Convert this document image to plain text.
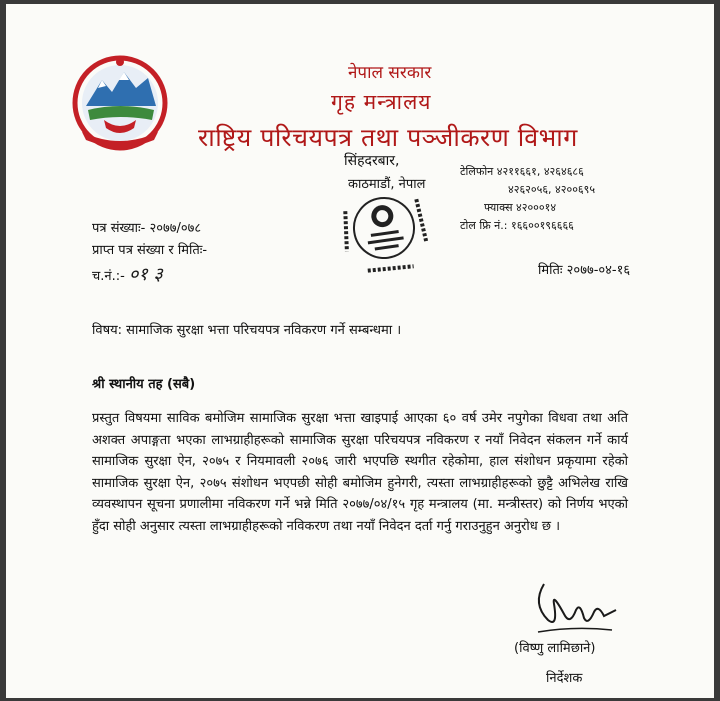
नेपाल सरकार
गृह मन्त्रालय
राष्ट्रिय परिचयपत्र तथा पञ्जीकरण विभाग
सिंहदरबार,
काठमाडौं, नेपाल
टेलिफोन ४२११६६१, ४२६४६८६
४२६२०५६, ४२००६९५
फ्याक्स ४२०००१४
टोल फ्रि नं.: १६६००१९६६६६
पत्र संख्याः- २०७७/०७८
प्राप्त पत्र संख्या र मितिः-
च.नं.:- ०१ ३	मितिः २०७७-०४-१६
विषय: सामाजिक सुरक्षा भत्ता परिचयपत्र नविकरण गर्ने सम्बन्धमा ।
श्री स्थानीय तह (सबै)

प्रस्तुत विषयमा साविक बमोजिम सामाजिक सुरक्षा भत्ता खाइपाई आएका ६० वर्ष उमेर नपुगेका विधवा तथा अति अशक्त अपाङ्गता भएका लाभग्राहीहरूको सामाजिक सुरक्षा परिचयपत्र नविकरण र नयाँ निवेदन संकलन गर्ने कार्य सामाजिक सुरक्षा ऐन, २०७५ र नियमावली २०७६ जारी भएपछि स्थगीत रहेकोमा, हाल संशोधन प्रकृयामा रहेको सामाजिक सुरक्षा ऐन, २०७५ संशोधन भएपछी सोही बमोजिम हुनेगरी, त्यस्ता लाभग्राहीहरूको छुट्टै अभिलेख राखि व्यवस्थापन सूचना प्रणालीमा नविकरण गर्ने भन्ने मिति २०७७/०४/१५ गृह मन्त्रालय (मा. मन्त्रीस्तर) को निर्णय भएको हुँदा सोही अनुसार त्यस्ता लाभग्राहीहरूको नविकरण तथा नयाँ निवेदन दर्ता गर्नु गराउनुहुन अनुरोध छ ।

(विष्णु लामिछाने)
निर्देशक
